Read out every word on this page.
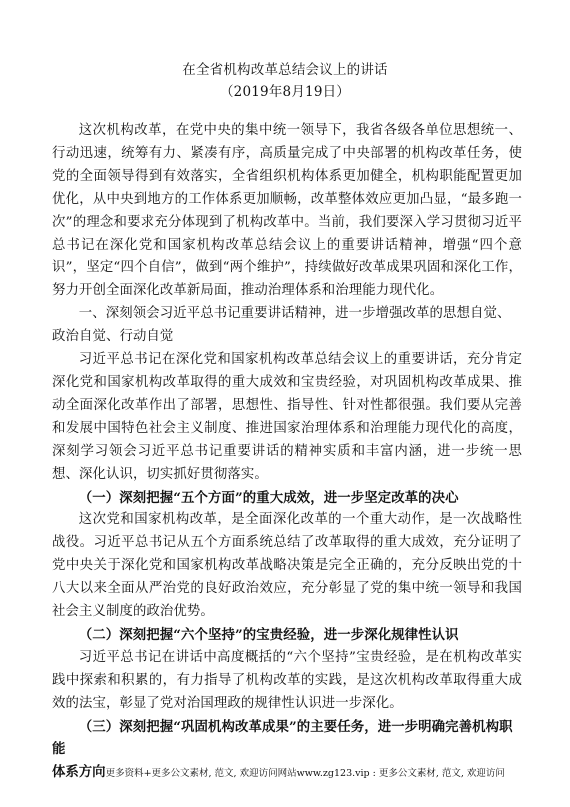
在全省机构改革总结会议上的讲话
（2019年8月19日）

这次机构改革，在党中央的集中统一领导下，我省各级各单位思想统一、行动迅速，统筹有力、紧凑有序，高质量完成了中央部署的机构改革任务，使党的全面领导得到有效落实，全省组织机构体系更加健全，机构职能配置更加优化，从中央到地方的工作体系更加顺畅，改革整体效应更加凸显，“最多跑一次”的理念和要求充分体现到了机构改革中。当前，我们要深入学习贯彻习近平总书记在深化党和国家机构改革总结会议上的重要讲话精神，增强“四个意识”，坚定“四个自信”，做到“两个维护”，持续做好改革成果巩固和深化工作，努力开创全面深化改革新局面，推动治理体系和治理能力现代化。

一、深刻领会习近平总书记重要讲话精神，进一步增强改革的思想自觉、政治自觉、行动自觉

习近平总书记在深化党和国家机构改革总结会议上的重要讲话，充分肯定深化党和国家机构改革取得的重大成效和宝贵经验，对巩固机构改革成果、推动全面深化改革作出了部署，思想性、指导性、针对性都很强。我们要从完善和发展中国特色社会主义制度、推进国家治理体系和治理能力现代化的高度，深刻学习领会习近平总书记重要讲话的精神实质和丰富内涵，进一步统一思想、深化认识，切实抓好贯彻落实。

（一）深刻把握“五个方面”的重大成效，进一步坚定改革的决心

这次党和国家机构改革，是全面深化改革的一个重大动作，是一次战略性战役。习近平总书记从五个方面系统总结了改革取得的重大成效，充分证明了党中央关于深化党和国家机构改革战略决策是完全正确的，充分反映出党的十八大以来全面从严治党的良好政治效应，充分彰显了党的集中统一领导和我国社会主义制度的政治优势。

（二）深刻把握“六个坚持”的宝贵经验，进一步深化规律性认识

习近平总书记在讲话中高度概括的“六个坚持”宝贵经验，是在机构改革实践中探索和积累的，有力指导了机构改革的实践，是这次机构改革取得重大成效的法宝，彰显了党对治国理政的规律性认识进一步深化。

（三）深刻把握“巩固机构改革成果”的主要任务，进一步明确完善机构职能

体系方向更多资料+更多公文素材, 范文, 欢迎访问网站www.zg123.vip : 更多公文素材, 范文, 欢迎访问
